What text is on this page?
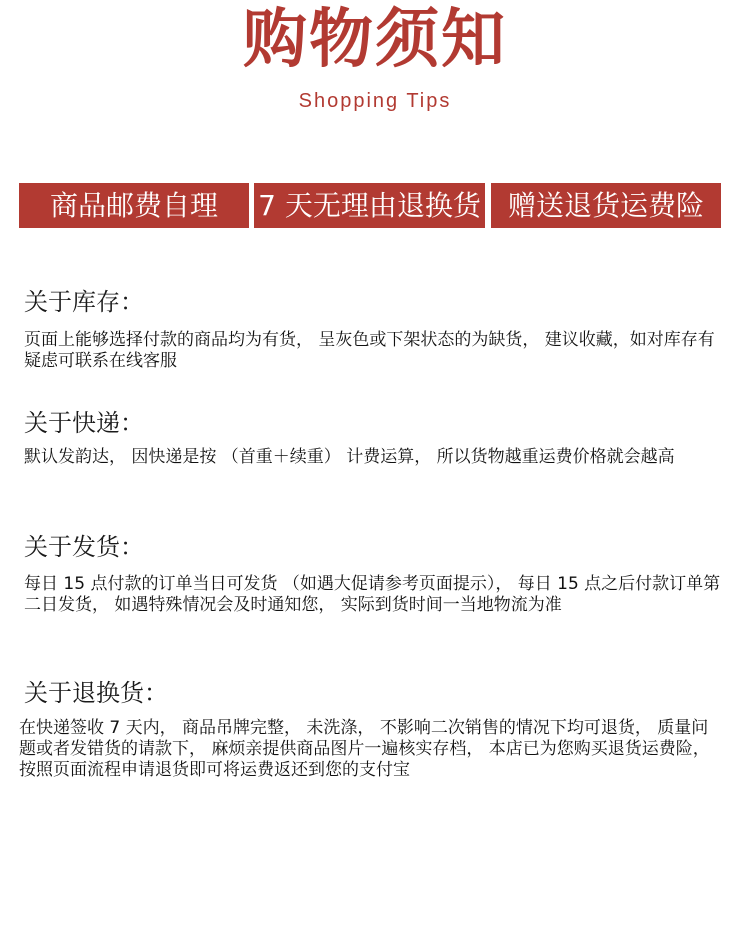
购物须知
Shopping Tips
商品邮费自理	7 天无理由退换货 赠送退货运费险
关于库存：
页面上能够选择付款的商品均为有货， 呈灰色或下架状态的为缺货， 建议收藏，如对库存有疑虑可联系在线客服
关于快递：
默认发韵达， 因快递是按 （首重＋续重） 计费运算， 所以货物越重运费价格就会越高
关于发货：
每日 15 点付款的订单当日可发货 （如遇大促请参考页面提示）， 每日 15 点之后付款订单第二日发货， 如遇特殊情况会及时通知您， 实际到货时间一当地物流为准
关于退换货：
在快递签收 7 天内， 商品吊牌完整， 未洗涤， 不影响二次销售的情况下均可退货， 质量问题或者发错货的请款下， 麻烦亲提供商品图片一遍核实存档， 本店已为您购买退货运费险， 按照页面流程申请退货即可将运费返还到您的支付宝
